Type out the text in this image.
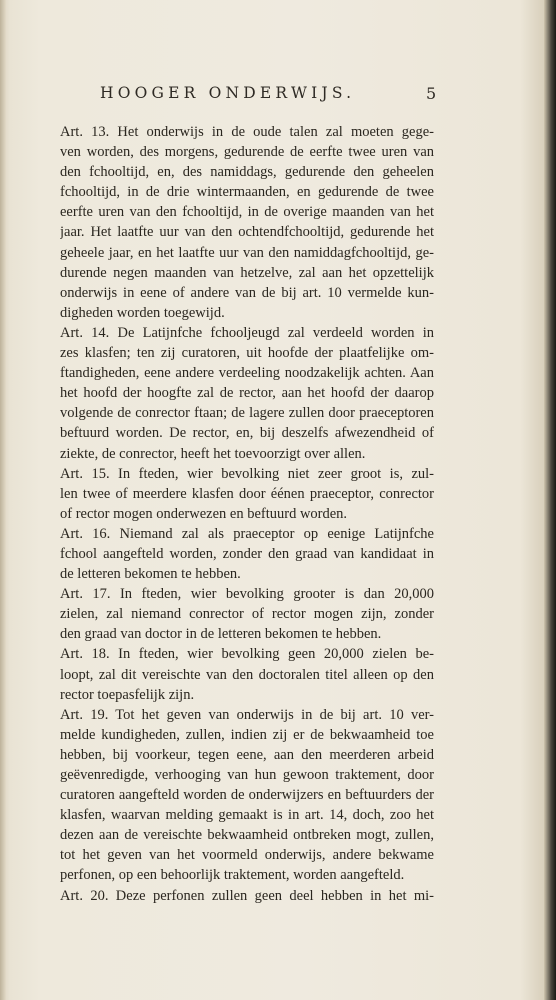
HOOGER ONDERWIJS.	5
Art. 13. Het onderwijs in de oude talen zal moeten gege-
ven worden, des morgens, gedurende de eerfte twee uren van
den fchooltijd, en, des namiddags, gedurende den geheelen
fchooltijd, in de drie wintermaanden, en gedurende de twee
eerfte uren van den fchooltijd, in de overige maanden van het
jaar. Het laatfte uur van den ochtendfchooltijd, gedurende het
geheele jaar, en het laatfte uur van den namiddagfchooltijd, ge-
durende negen maanden van hetzelve, zal aan het opzettelijk
onderwijs in eene of andere van de bij art. 10 vermelde kun-
digheden worden toegewijd.
Art. 14. De Latijnfche fchooljeugd zal verdeeld worden in
zes klasfen; ten zij curatoren, uit hoofde der plaatfelijke om-
ftandigheden, eene andere verdeeling noodzakelijk achten. Aan
het hoofd der hoogfte zal de rector, aan het hoofd der daarop
volgende de conrector ftaan; de lagere zullen door praeceptoren
beftuurd worden. De rector, en, bij deszelfs afwezendheid of
ziekte, de conrector, heeft het toevoorzigt over allen.
Art. 15. In fteden, wier bevolking niet zeer groot is, zul-
len twee of meerdere klasfen door éénen praeceptor, conrector
of rector mogen onderwezen en beftuurd worden.
Art. 16. Niemand zal als praeceptor op eenige Latijnfche
fchool aangefteld worden, zonder den graad van kandidaat in
de letteren bekomen te hebben.
Art. 17. In fteden, wier bevolking grooter is dan 20,000
zielen, zal niemand conrector of rector mogen zijn, zonder
den graad van doctor in de letteren bekomen te hebben.
Art. 18. In fteden, wier bevolking geen 20,000 zielen be-
loopt, zal dit vereischte van den doctoralen titel alleen op den
rector toepasfelijk zijn.
Art. 19. Tot het geven van onderwijs in de bij art. 10 ver-
melde kundigheden, zullen, indien zij er de bekwaamheid toe
hebben, bij voorkeur, tegen eene, aan den meerderen arbeid
geëvenredigde, verhooging van hun gewoon traktement, door
curatoren aangefteld worden de onderwijzers en beftuurders der
klasfen, waarvan melding gemaakt is in art. 14, doch, zoo het
dezen aan de vereischte bekwaamheid ontbreken mogt, zullen,
tot het geven van het voormeld onderwijs, andere bekwame
perfonen, op een behoorlijk traktement, worden aangefteld.
Art. 20. Deze perfonen zullen geen deel hebben in het mi-
